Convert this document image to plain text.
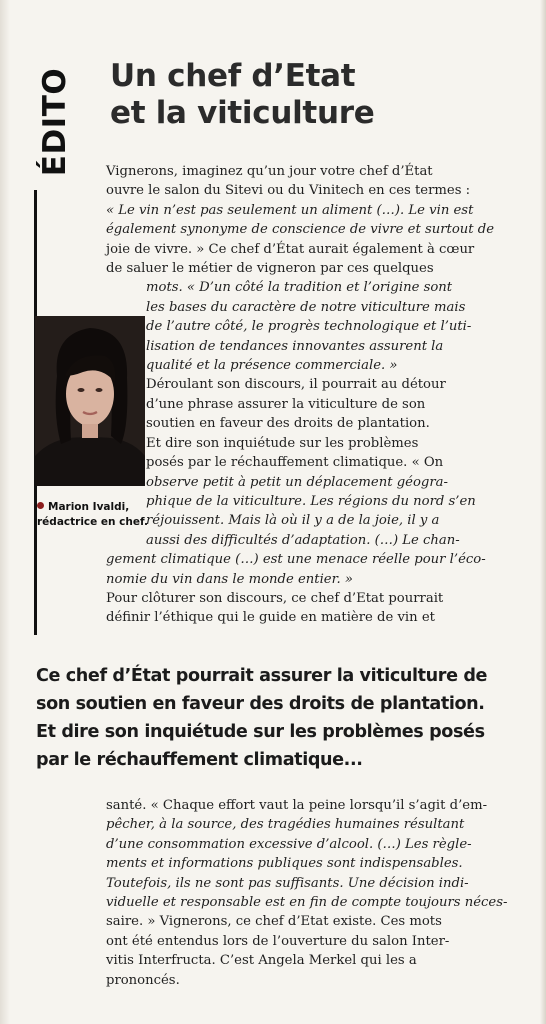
ÉDITO Un chef d’Etat
et la viticulture
Vignerons, imaginez qu’un jour votre chef d’État
ouvre le salon du Sitevi ou du Vinitech en ces termes :
« Le vin n’est pas seulement un aliment (…). Le vin est
également synonyme de conscience de vivre et surtout de
joie de vivre. » Ce chef d’État aurait également à cœur
de saluer le métier de vigneron par ces quelques
mots. « D’un côté la tradition et l’origine sont
les bases du caractère de notre viticulture mais
de l’autre côté, le progrès technologique et l’uti-
lisation de tendances innovantes assurent la
qualité et la présence commerciale. »
Déroulant son discours, il pourrait au détour
d’une phrase assurer la viticulture de son
soutien en faveur des droits de plantation.
Et dire son inquiétude sur les problèmes
posés par le réchauffement climatique. « On
observe petit à petit un déplacement géogra-
phique de la viticulture. Les régions du nord s’en
réjouissent. Mais là où il y a de la joie, il y a
aussi des difficultés d’adaptation. (…) Le chan-
gement climatique (…) est une menace réelle pour l’éco-
nomie du vin dans le monde entier. »
Pour clôturer son discours, ce chef d’Etat pourrait
définir l’éthique qui le guide en matière de vin et
Marion Ivaldi,
rédactrice en chef.
Ce chef d’État pourrait assurer la viticulture de
son soutien en faveur des droits de plantation.
Et dire son inquiétude sur les problèmes posés
par le réchauffement climatique...
santé. « Chaque effort vaut la peine lorsqu’il s’agit d’em-
pêcher, à la source, des tragédies humaines résultant
d’une consommation excessive d’alcool. (…) Les règle-
ments et informations publiques sont indispensables.
Toutefois, ils ne sont pas suffisants. Une décision indi-
viduelle et responsable est en fin de compte toujours néces-
saire. » Vignerons, ce chef d’Etat existe. Ces mots
ont été entendus lors de l’ouverture du salon Inter-
vitis Interfructa. C’est Angela Merkel qui les a
prononcés.
